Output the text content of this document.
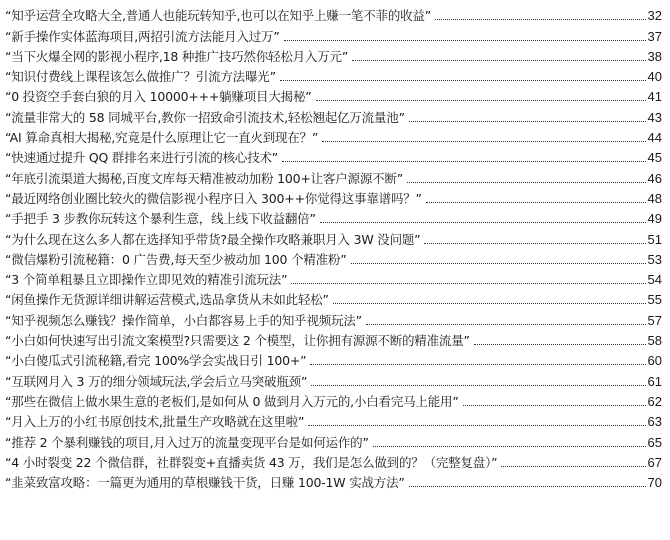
“知乎运营全攻略大全,普通人也能玩转知乎,也可以在知乎上赚一笔不菲的收益”	32
“新手操作实体蓝海项目,两招引流方法能月入过万”	37
“当下火爆全网的影视小程序,18 种推广技巧然你轻松月入万元”	38
“知识付费线上课程该怎么做推广？引流方法曝光”	40
“0 投资空手套白狼的月入 10000+++躺赚项目大揭秘”	41
“流量非常大的 58 同城平台,教你一招致命引流技术,轻松翘起亿万流量池”	43
“AI 算命真相大揭秘,究竟是什么原理让它一直火到现在？”	44
“快速通过提升 QQ 群排名来进行引流的核心技术”	45
“年底引流渠道大揭秘,百度文库每天精准被动加粉 100+让客户源源不断”	46
“最近网络创业圈比较火的微信影视小程序日入 300++你觉得这事靠谱吗？”	48
“手把手 3 步教你玩转这个暴利生意，线上线下收益翻倍”	49
“为什么现在这么多人都在选择知乎带货?最全操作攻略兼职月入 3W 没问题”	51
“微信爆粉引流秘籍：0 广告费,每天至少被动加 100 个精准粉”	53
“3 个简单粗暴且立即操作立即见效的精准引流玩法”	54
“闲鱼操作无货源详细讲解运营模式,选品拿货从未如此轻松”	55
“知乎视频怎么赚钱？操作简单，小白都容易上手的知乎视频玩法”	57
“小白如何快速写出引流文案模型?只需要这 2 个模型，让你拥有源源不断的精准流量”	58
“小白傻瓜式引流秘籍,看完 100%学会实战日引 100+”	60
“互联网月入 3 万的细分领域玩法,学会后立马突破瓶颈”	61
“那些在微信上做水果生意的老板们,是如何从 0 做到月入万元的,小白看完马上能用”	62
“月入上万的小红书原创技术,批量生产攻略就在这里啦”	63
“推荐 2 个暴利赚钱的项目,月入过万的流量变现平台是如何运作的”	65
“4 小时裂变 22 个微信群，社群裂变+直播卖货 43 万，我们是怎么做到的？（完整复盘）”	67
“韭菜致富攻略：一篇更为通用的草根赚钱干货，日赚 100-1W 实战方法”	70
